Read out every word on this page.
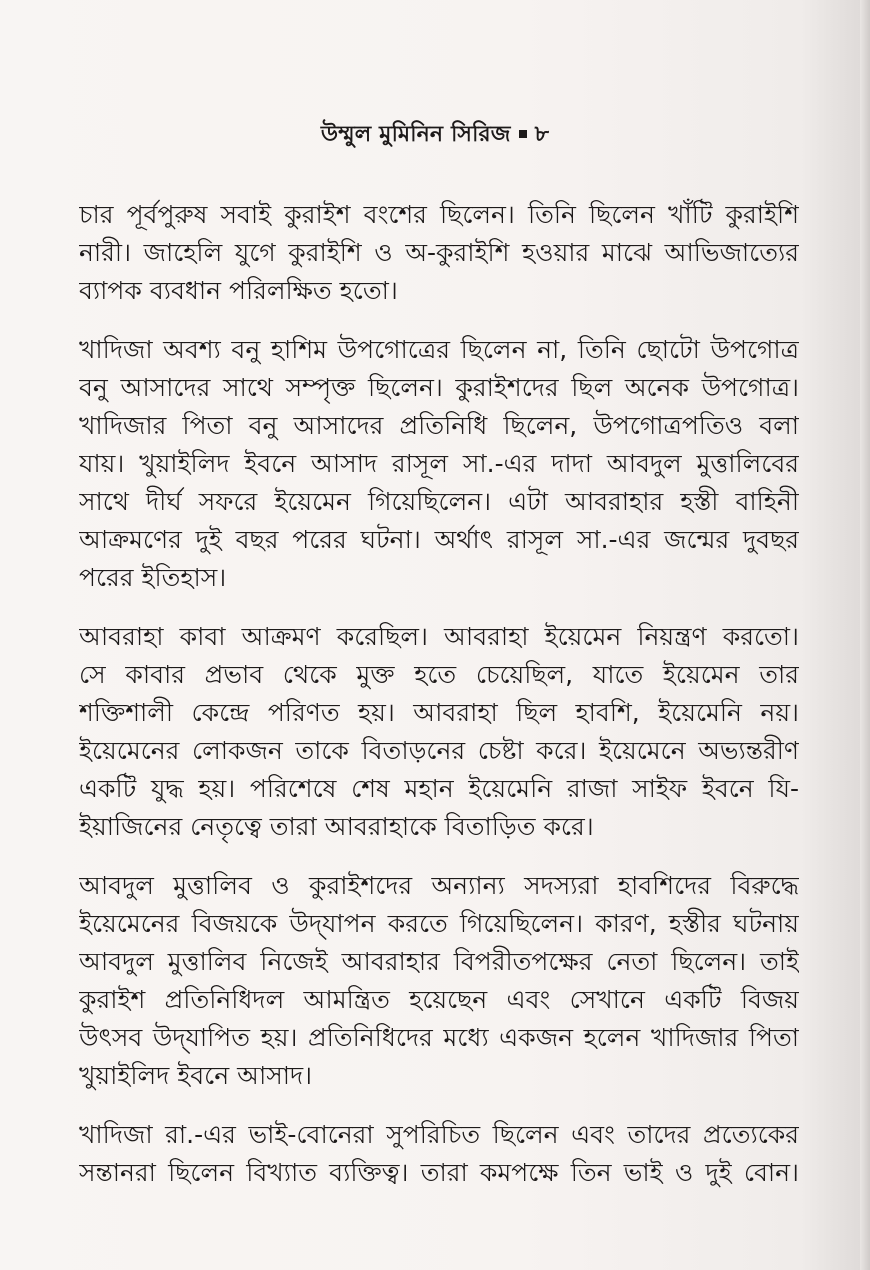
উম্মুল মুমিনিন সিরিজ ৮
চার পূর্বপুরুষ সবাই কুরাইশ বংশের ছিলেন। তিনি ছিলেন খাঁটি কুরাইশি
নারী। জাহেলি যুগে কুরাইশি ও অ-কুরাইশি হওয়ার মাঝে আভিজাত্যের
ব্যাপক ব্যবধান পরিলক্ষিত হতো।
খাদিজা অবশ্য বনু হাশিম উপগোত্রের ছিলেন না, তিনি ছোটো উপগোত্র
বনু আসাদের সাথে সম্পৃক্ত ছিলেন। কুরাইশদের ছিল অনেক উপগোত্র।
খাদিজার পিতা বনু আসাদের প্রতিনিধি ছিলেন, উপগোত্রপতিও বলা
যায়। খুয়াইলিদ ইবনে আসাদ রাসূল সা.-এর দাদা আবদুল মুত্তালিবের
সাথে দীর্ঘ সফরে ইয়েমেন গিয়েছিলেন। এটা আবরাহার হস্তী বাহিনী
আক্রমণের দুই বছর পরের ঘটনা। অর্থাৎ রাসূল সা.-এর জন্মের দুবছর
পরের ইতিহাস।
আবরাহা কাবা আক্রমণ করেছিল। আবরাহা ইয়েমেন নিয়ন্ত্রণ করতো।
সে কাবার প্রভাব থেকে মুক্ত হতে চেয়েছিল, যাতে ইয়েমেন তার
শক্তিশালী কেন্দ্রে পরিণত হয়। আবরাহা ছিল হাবশি, ইয়েমেনি নয়।
ইয়েমেনের লোকজন তাকে বিতাড়নের চেষ্টা করে। ইয়েমেনে অভ্যন্তরীণ
একটি যুদ্ধ হয়। পরিশেষে শেষ মহান ইয়েমেনি রাজা সাইফ ইবনে যি-
ইয়াজিনের নেতৃত্বে তারা আবরাহাকে বিতাড়িত করে।
আবদুল মুত্তালিব ও কুরাইশদের অন্যান্য সদস্যরা হাবশিদের বিরুদ্ধে
ইয়েমেনের বিজয়কে উদ্‌যাপন করতে গিয়েছিলেন। কারণ, হস্তীর ঘটনায়
আবদুল মুত্তালিব নিজেই আবরাহার বিপরীতপক্ষের নেতা ছিলেন। তাই
কুরাইশ প্রতিনিধিদল আমন্ত্রিত হয়েছেন এবং সেখানে একটি বিজয়
উৎসব উদ্‌যাপিত হয়। প্রতিনিধিদের মধ্যে একজন হলেন খাদিজার পিতা
খুয়াইলিদ ইবনে আসাদ।
খাদিজা রা.-এর ভাই-বোনেরা সুপরিচিত ছিলেন এবং তাদের প্রত্যেকের
সন্তানরা ছিলেন বিখ্যাত ব্যক্তিত্ব। তারা কমপক্ষে তিন ভাই ও দুই বোন।
